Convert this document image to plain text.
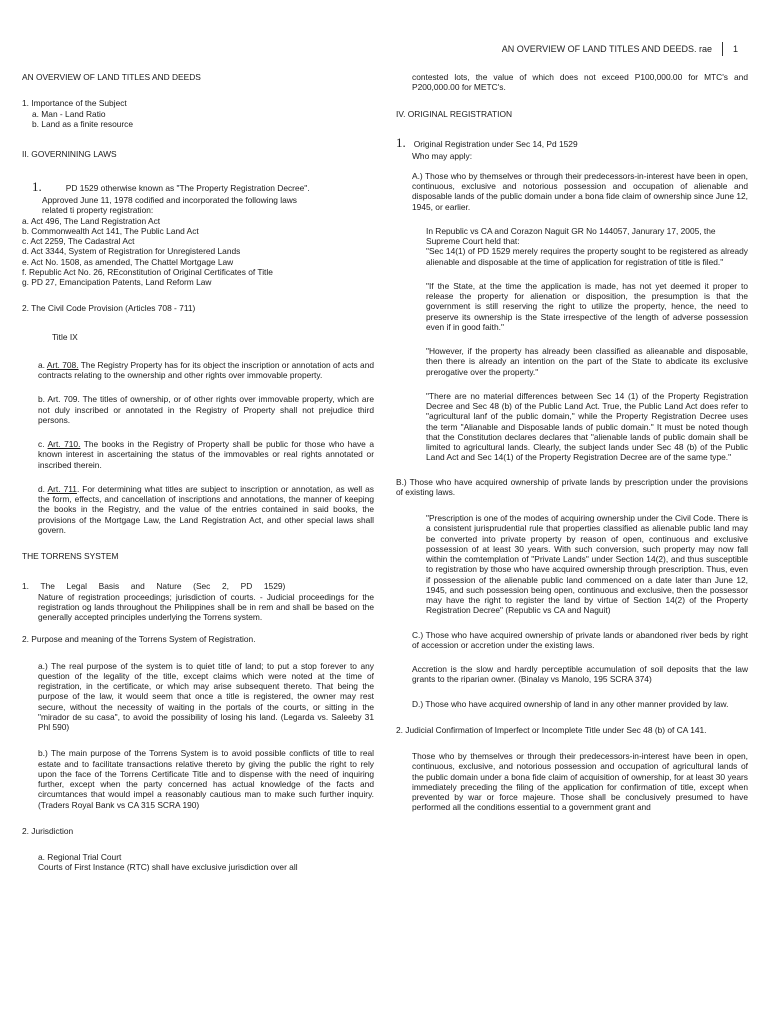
AN OVERVIEW OF LAND TITLES AND DEEDS. rae 1

AN OVERVIEW OF LAND TITLES AND DEEDS

1. Importance of the Subject

a. Man - Land Ratio

b. Land as a finite resource

II. GOVERNINING LAWS

1.	PD 1529 otherwise known as "The Property Registration Decree".

Approved June 11, 1978 codified and incorporated the following laws

related ti property registration:

a. Act 496, The Land Registration Act
b. Commonwealth Act 141, The Public Land Act
c. Act 2259, The Cadastral Act
d. Act 3344, System of Registration for Unregistered Lands
e. Act No. 1508, as amended, The Chattel Mortgage Law
f. Republic Act No. 26, REconstitution of Original Certificates of Title
g. PD 27, Emancipation Patents, Land Reform Law

2. The Civil Code Provision (Articles 708 - 711)

Title IX

a. Art. 708. The Registry Property has for its object the inscription or annotation of acts and contracts relating to the ownership and other rights over immovable property.

b. Art. 709. The titles of ownership, or of other rights over immovable property, which are not duly inscribed or annotated in the Registry of Property shall not prejudice third persons.

c. Art. 710. The books in the Registry of Property shall be public for those who have a known interest in ascertaining the status of the immovables or real rights annotated or inscribed therein.

d. Art. 711. For determining what titles are subject to inscription or annotation, as well as the form, effects, and cancellation of inscriptions and annotations, the manner of keeping the books in the Registry, and the value of the entries contained in said books, the provisions of the Mortgage Law, the Land Registration Act, and other special laws shall govern.

THE TORRENS SYSTEM

1.     The     Legal     Basis     and     Nature     (Sec     2,     PD     1529)

Nature of registration proceedings; jurisdiction of courts. - Judicial proceedings for the registration og lands throughout the Philippines shall be in rem and shall be based on the generally accepted principles underlying the Torrens system.

2. Purpose and meaning of the Torrens System of Registration.

a.) The real purpose of the system is to quiet title of land; to put a stop forever to any question of the legality of the title, except claims which were noted at the time of registration, in the certificate, or which may arise subsequent thereto. That being the purpose of the law, it would seem that once a title is registered, the owner may rest secure, without the necessity of waiting in the portals of the courts, or sitting in the "mirador de su casa", to avoid the possibility of losing his land. (Legarda vs. Saleeby 31 Phl 590)

b.) The main purpose of the Torrens System is to avoid possible conflicts of title to real estate and to facilitate transactions relative thereto by giving the public the right to rely upon the face of the Torrens Certificate Title and to dispense with the need of inquiring further, except when the party concerned has actual knowledge of the facts and circumtances that would impel a reasonably cautious man to make such further inquiry. (Traders Royal Bank vs CA 315 SCRA 190)

2. Jurisdiction

a. Regional Trial Court

Courts of First Instance (RTC) shall have exclusive jurisdiction over all

contested lots, the value of which does not exceed P100,000.00 for MTC's and P200,000.00 for METC's.

IV. ORIGINAL REGISTRATION

1. Original Registration under Sec 14, Pd 1529

Who may apply:

A.) Those who by themselves or through their predecessors-in-interest have been in open, continuous, exclusive and notorious possession and occupation of alienable and disposable lands of the public domain under a bona fide claim of ownership since June 12, 1945, or earlier.

In Republic vs CA and Corazon Naguit GR No 144057, Janurary 17, 2005, the Supreme Court held that:

"Sec 14(1) of PD 1529 merely requires the property sought to be registered as already alienable and disposable at the time of application for registration of title is filed."

"If the State, at the time the application is made, has not yet deemed it proper to release the property for alienation or disposition, the presumption is that the government is still reserving the right to utilize the property, hence, the need to preserve its ownership is the State irrespective of the length of adverse possession even if in good faith."

"However, if the property has already been classified as alieanable and disposable, then there is already an intention on the part of the State to abdicate its exclusive prerogative over the property."

"There are no material differences between Sec 14 (1) of the Property Registration Decree and Sec 48 (b) of the Public Land Act. True, the Public Land Act does refer to "agricultural lanf of the public domain," while the Property Registration Decree uses the term "Alianable and Disposable lands of public domain." It must be noted though that the Constitution declares declares that "alienable lands of public domain shall be limited to agricultural lands. Clearly, the subject lands under Sec 48 (b) of the Public Land Act and Sec 14(1) of the Property Registration Decree are of the same type."

B.) Those who have acquired ownership of private lands by prescription under the provisions of existing laws.

"Prescription is one of the modes of acquiring ownership under the Civil Code. There is a consistent jurisprudential rule that properties classified as alienable public land may be converted into private property by reason of open, continuous and exclusive possession of at least 30 years. With such conversion, such property may now fall within the comtemplation of "Private Lands" under Section 14(2), and thus susceptible to registration by those who have acquired ownership through prescription. Thus, even if possession of the alienable public land commenced on a date later than June 12, 1945, and such possession being open, continuous and exclusive, then the possessor may have the right to register the land by virtue of Section 14(2) of the Property Registration Decree" (Republic vs CA and Naguit)

C.) Those who have acquired ownership of private lands or abandoned river beds by right of accession or accretion under the existing laws.

Accretion is the slow and hardly perceptible accumulation of soil deposits that the law grants to the riparian owner. (Binalay vs Manolo, 195 SCRA 374)

D.) Those who have acquired ownership of land in any other manner provided by law.

2. Judicial Confirmation of Imperfect or Incomplete Title under Sec 48 (b) of CA 141.

Those who by themselves or through their predecessors-in-interest have been in open, continuous, exclusive, and notorious possession and occupation of agricultural lands of the public domain under a bona fide claim of acquisition of ownership, for at least 30 years immediately preceding the filing of the application for confirmation of title, except when prevented by war or force majeure. Those shall be conclusively presumed to have performed all the conditions essential to a government grant and
